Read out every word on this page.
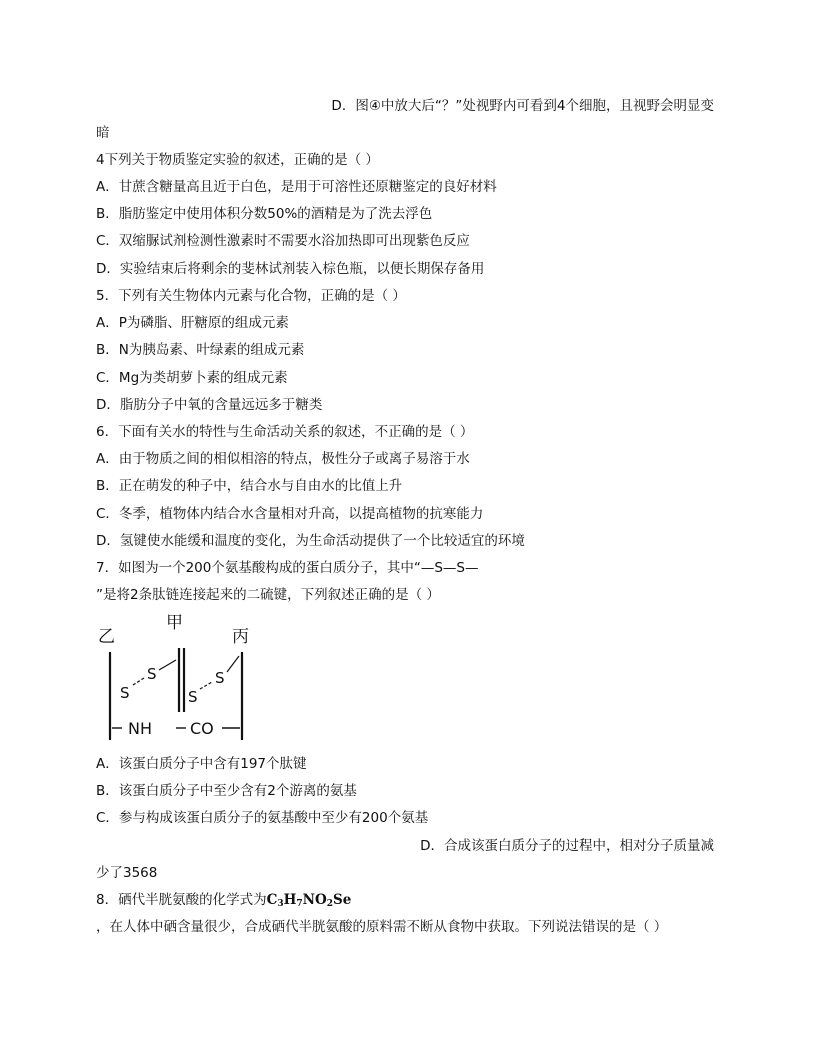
D．图④中放大后“？”处视野内可看到4个细胞，且视野会明显变
暗
4下列关于物质鉴定实验的叙述，正确的是（ ）
A．甘蔗含糖量高且近于白色，是用于可溶性还原糖鉴定的良好材料
B．脂肪鉴定中使用体积分数50%的酒精是为了洗去浮色
C．双缩脲试剂检测性激素时不需要水浴加热即可出现紫色反应
D．实验结束后将剩余的斐林试剂装入棕色瓶，以便长期保存备用
5．下列有关生物体内元素与化合物，正确的是（ ）
A．P为磷脂、肝糖原的组成元素
B．N为胰岛素、叶绿素的组成元素
C．Mg为类胡萝卜素的组成元素
D．脂肪分子中氧的含量远远多于糖类
6．下面有关水的特性与生命活动关系的叙述，不正确的是（ ）
A．由于物质之间的相似相溶的特点，极性分子或离子易溶于水
B．正在萌发的种子中，结合水与自由水的比值上升
C．冬季，植物体内结合水含量相对升高，以提高植物的抗寒能力
D．氢键使水能缓和温度的变化，为生命活动提供了一个比较适宜的环境
7．如图为一个200个氨基酸构成的蛋白质分子，其中“—S—S—
”是将2条肽链连接起来的二硫键，下列叙述正确的是（ ）
乙
甲
丙
S
S
S
S
NH CO
A．该蛋白质分子中含有197个肽键
B．该蛋白质分子中至少含有2个游离的氨基
C．参与构成该蛋白质分子的氨基酸中至少有200个氨基
D．合成该蛋白质分子的过程中，相对分子质量减
少了3568
8．硒代半胱氨酸的化学式为$C_3H_7NO_2Se$
，在人体中硒含量很少，合成硒代半胱氨酸的原料需不断从食物中获取。下列说法错误的是（ ）
